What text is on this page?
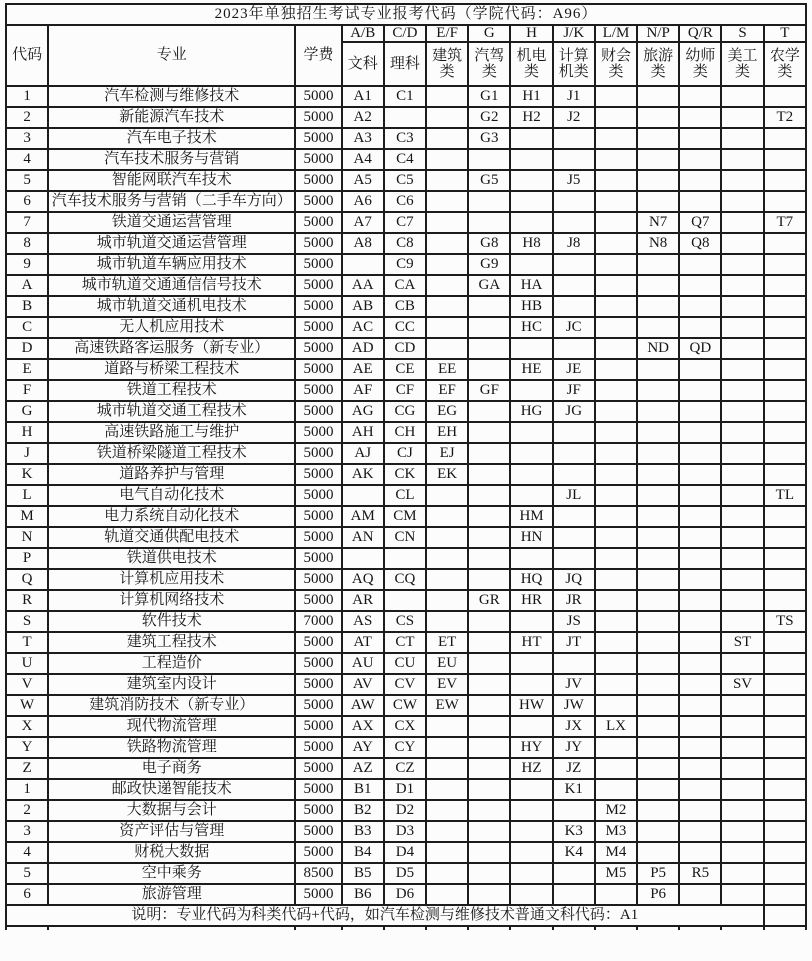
2023年单独招生考试专业报考代码（学院代码：A96）													
代码	专业	学费	A/B	C/D	E/F	G	H	J/K	L/M	N/P	Q/R	S	T
			文科	理科	建筑类	汽驾类	机电类	计算机类	财会类	旅游类	幼师类	美工类	农学类
1	汽车检测与维修技术	5000	A1	C1		G1	H1	J1					
2	新能源汽车技术	5000	A2			G2	H2	J2					T2
3	汽车电子技术	5000	A3	C3		G3							
4	汽车技术服务与营销	5000	A4	C4									
5	智能网联汽车技术	5000	A5	C5		G5		J5					
6	汽车技术服务与营销（二手车方向）	5000	A6	C6									
7	铁道交通运营管理	5000	A7	C7						N7	Q7		T7
8	城市轨道交通运营管理	5000	A8	C8		G8	H8	J8		N8	Q8		
9	城市轨道车辆应用技术	5000		C9		G9							
A	城市轨道交通通信信号技术	5000	AA	CA		GA	HA						
B	城市轨道交通机电技术	5000	AB	CB			HB						
C	无人机应用技术	5000	AC	CC			HC	JC					
D	高速铁路客运服务（新专业）	5000	AD	CD						ND	QD		
E	道路与桥梁工程技术	5000	AE	CE	EE		HE	JE					
F	铁道工程技术	5000	AF	CF	EF	GF		JF					
G	城市轨道交通工程技术	5000	AG	CG	EG		HG	JG					
H	高速铁路施工与维护	5000	AH	CH	EH								
J	铁道桥梁隧道工程技术	5000	AJ	CJ	EJ								
K	道路养护与管理	5000	AK	CK	EK								
L	电气自动化技术	5000		CL				JL					TL
M	电力系统自动化技术	5000	AM	CM			HM						
N	轨道交通供配电技术	5000	AN	CN			HN						
P	铁道供电技术	5000											
Q	计算机应用技术	5000	AQ	CQ			HQ	JQ					
R	计算机网络技术	5000	AR			GR	HR	JR					
S	软件技术	7000	AS	CS				JS					TS
T	建筑工程技术	5000	AT	CT	ET		HT	JT				ST	
U	工程造价	5000	AU	CU	EU								
V	建筑室内设计	5000	AV	CV	EV			JV				SV	
W	建筑消防技术（新专业）	5000	AW	CW	EW		HW	JW					
X	现代物流管理	5000	AX	CX				JX	LX				
Y	铁路物流管理	5000	AY	CY			HY	JY					
Z	电子商务	5000	AZ	CZ			HZ	JZ					
1	邮政快递智能技术	5000	B1	D1				K1					
2	大数据与会计	5000	B2	D2					M2				
3	资产评估与管理	5000	B3	D3				K3	M3				
4	财税大数据	5000	B4	D4				K4	M4				
5	空中乘务	8500	B5	D5					M5	P5	R5		
6	旅游管理	5000	B6	D6						P6			
说明：专业代码为科类代码+代码，如汽车检测与维修技术普通文科代码：A1													
